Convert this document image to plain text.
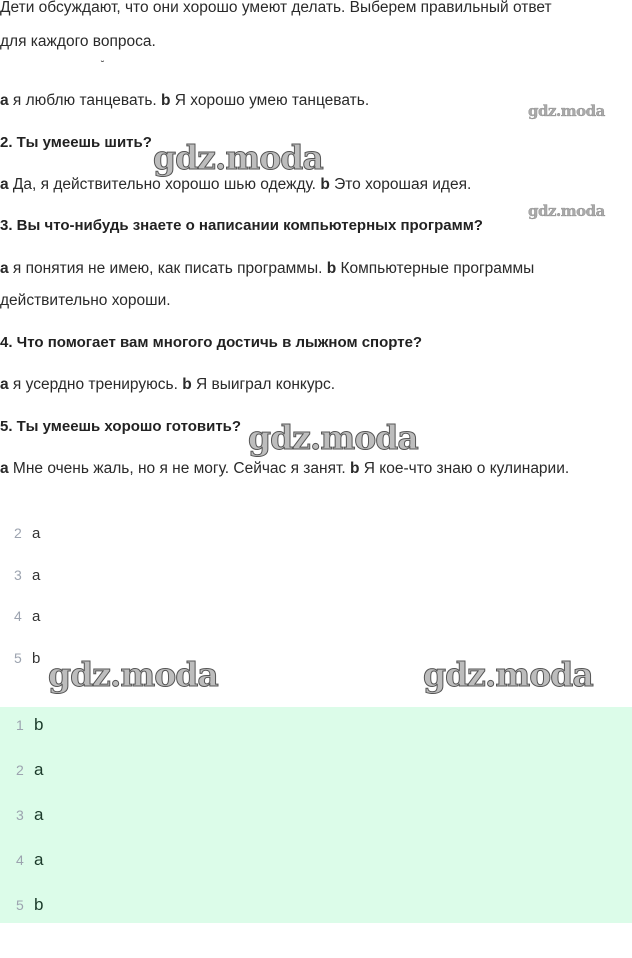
Дети обсуждают, что они хорошо умеют делать. Выберем правильный ответ
для каждого вопроса.
˘
a я люблю танцевать. b Я хорошо умею танцевать.
2. Ты умеешь шить?
a Да, я действительно хорошо шью одежду. b Это хорошая идея.
3. Вы что-нибудь знаете о написании компьютерных программ?
a я понятия не имею, как писать программы. b Компьютерные программы
действительно хороши.
4. Что помогает вам многого достичь в лыжном спорте?
a я усердно тренируюсь. b Я выиграл конкурс.
5. Ты умеешь хорошо готовить?
a Мне очень жаль, но я не могу. Сейчас я занят. b Я кое-что знаю о кулинарии.
2 a
3 a
4 a
5 b
1 b
2 a
3 a
4 a
5 b
gdz.moda
gdz.moda
gdz.moda
gdz.moda
gdz.moda	gdz.moda
